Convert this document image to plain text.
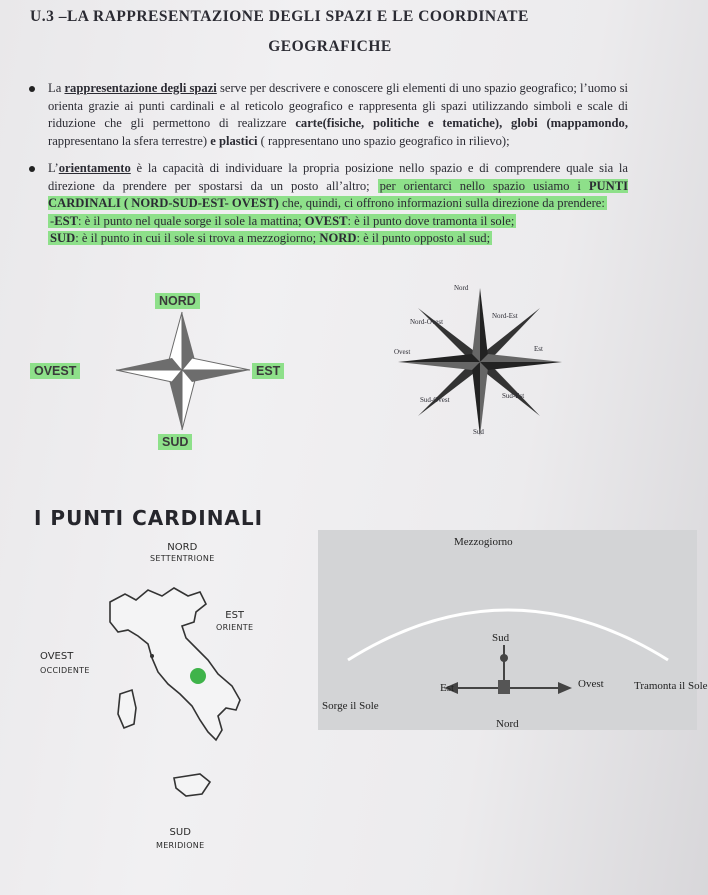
U.3 –LA RAPPRESENTAZIONE DEGLI SPAZI E LE COORDINATE
GEOGRAFICHE

La rappresentazione degli spazi serve per descrivere e conoscere gli elementi di uno spazio geografico; l’uomo si orienta grazie ai punti cardinali e al reticolo geografico e rappresenta gli spazi utilizzando simboli e scale di riduzione che gli permettono di realizzare carte(fisiche, politiche e tematiche), globi (mappamondo, rappresentano la sfera terrestre) e plastici ( rappresentano uno spazio geografico in rilievo);

L’orientamento è la capacità di individuare la propria posizione nello spazio e di comprendere quale sia la direzione da prendere per spostarsi da un posto all’altro; per orientarci nello spazio usiamo i PUNTI CARDINALI ( NORD-SUD-EST- OVEST) che, quindi, ci offrono informazioni sulla direzione da prendere:
-EST: è il punto nel quale sorge il sole la mattina; OVEST: è il punto dove tramonta il sole;
SUD: è il punto in cui il sole si trova a mezzogiorno; NORD: è il punto opposto al sud;

NORD
OVEST	EST
SUD
Nord
Nord-Ovest
Nord-Est
Ovest	Est
Sud-Ovest	Sud-Est
Sud
I PUNTI CARDINALI
NORD
SETTENTRIONE
EST
ORIENTE
OVEST
OCCIDENTE
SUD
MERIDIONE
Mezzogiorno
Sud
Est	Ovest
Sorge il Sole
Tramonta il Sole
Nord
